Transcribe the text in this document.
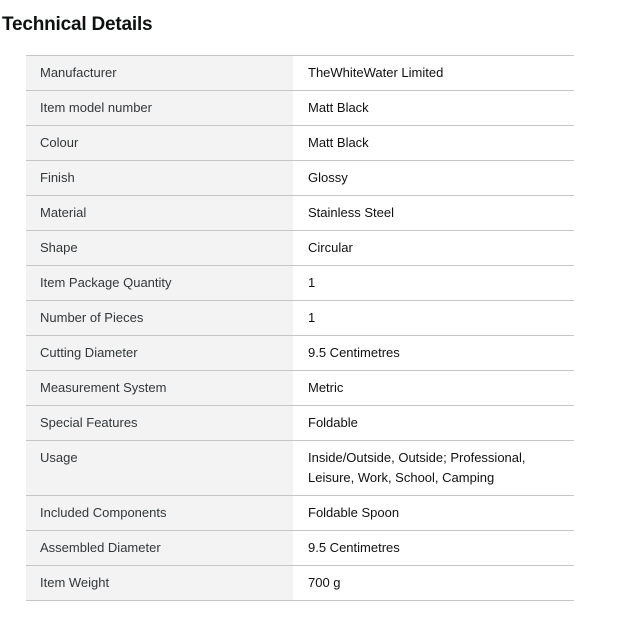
Technical Details
Manufacturer	TheWhiteWater Limited
Item model number	Matt Black
Colour	Matt Black
Finish	Glossy
Material	Stainless Steel
Shape	Circular
Item Package Quantity	1
Number of Pieces	1
Cutting Diameter	9.5 Centimetres
Measurement System	Metric
Special Features	Foldable
Usage	Inside/Outside, Outside; Professional, Leisure, Work, School, Camping
Included Components	Foldable Spoon
Assembled Diameter	9.5 Centimetres
Item Weight	700 g
